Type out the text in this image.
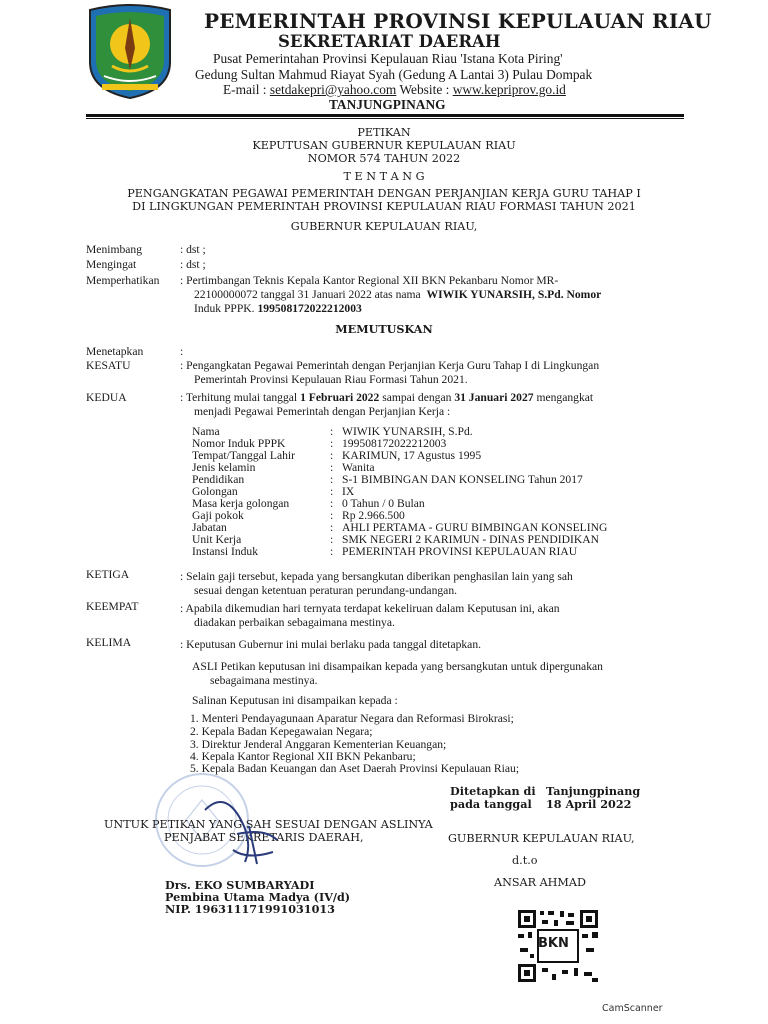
PEMERINTAH PROVINSI KEPULAUAN RIAU
SEKRETARIAT DAERAH
Pusat Pemerintahan Provinsi Kepulauan Riau 'Istana Kota Piring'
Gedung Sultan Mahmud Riayat Syah (Gedung A Lantai 3) Pulau Dompak
E-mail : setdakepri@yahoo.com Website : www.kepriprov.go.id
TANJUNGPINANG
PETIKAN
KEPUTUSAN GUBERNUR KEPULAUAN RIAU
NOMOR 574 TAHUN 2022
T E N T A N G
PENGANGKATAN PEGAWAI PEMERINTAH DENGAN PERJANJIAN KERJA GURU TAHAP I
DI LINGKUNGAN PEMERINTAH PROVINSI KEPULAUAN RIAU FORMASI TAHUN 2021
GUBERNUR KEPULAUAN RIAU,
Menimbang	: dst ;
Mengingat	: dst ;
Memperhatikan : Pertimbangan Teknis Kepala Kantor Regional XII BKN Pekanbaru Nomor MR-
22100000072 tanggal 31 Januari 2022 atas nama WIWIK YUNARSIH, S.Pd. Nomor
Induk PPPK. 199508172022212003
MEMUTUSKAN
Menetapkan	:
KESATU	: Pengangkatan Pegawai Pemerintah dengan Perjanjian Kerja Guru Tahap I di Lingkungan
Pemerintah Provinsi Kepulauan Riau Formasi Tahun 2021.
KEDUA	: Terhitung mulai tanggal 1 Februari 2022 sampai dengan 31 Januari 2027 mengangkat
menjadi Pegawai Pemerintah dengan Perjanjian Kerja :
Nama	: WIWIK YUNARSIH, S.Pd.
Nomor Induk PPPK	: 199508172022212003
Tempat/Tanggal Lahir	: KARIMUN, 17 Agustus 1995
Jenis kelamin	: Wanita
Pendidikan	: S-1 BIMBINGAN DAN KONSELING Tahun 2017
Golongan	: IX
Masa kerja golongan	: 0 Tahun / 0 Bulan
Gaji pokok	: Rp 2.966.500
Jabatan	: AHLI PERTAMA - GURU BIMBINGAN KONSELING
Unit Kerja	: SMK NEGERI 2 KARIMUN - DINAS PENDIDIKAN
Instansi Induk	: PEMERINTAH PROVINSI KEPULAUAN RIAU
KETIGA	: Selain gaji tersebut, kepada yang bersangkutan diberikan penghasilan lain yang sah
sesuai dengan ketentuan peraturan perundang-undangan.
KEEMPAT	: Apabila dikemudian hari ternyata terdapat kekeliruan dalam Keputusan ini, akan
diadakan perbaikan sebagaimana mestinya.
KELIMA	: Keputusan Gubernur ini mulai berlaku pada tanggal ditetapkan.
ASLI Petikan keputusan ini disampaikan kepada yang bersangkutan untuk dipergunakan
sebagaimana mestinya.
Salinan Keputusan ini disampaikan kepada :
1. Menteri Pendayagunaan Aparatur Negara dan Reformasi Birokrasi;
2. Kepala Badan Kepegawaian Negara;
3. Direktur Jenderal Anggaran Kementerian Keuangan;
4. Kepala Kantor Regional XII BKN Pekanbaru;
5. Kepala Badan Keuangan dan Aset Daerah Provinsi Kepulauan Riau;
Ditetapkan di Tanjungpinang
pada tanggal 18 April 2022
GUBERNUR KEPULAUAN RIAU,
d.t.o
ANSAR AHMAD
UNTUK PETIKAN YANG SAH SESUAI DENGAN ASLINYA
PENJABAT SEKRETARIS DAERAH,
Drs. EKO SUMBARYADI
Pembina Utama Madya (IV/d)
NIP. 196311171991031013
BKN
CamScanner
